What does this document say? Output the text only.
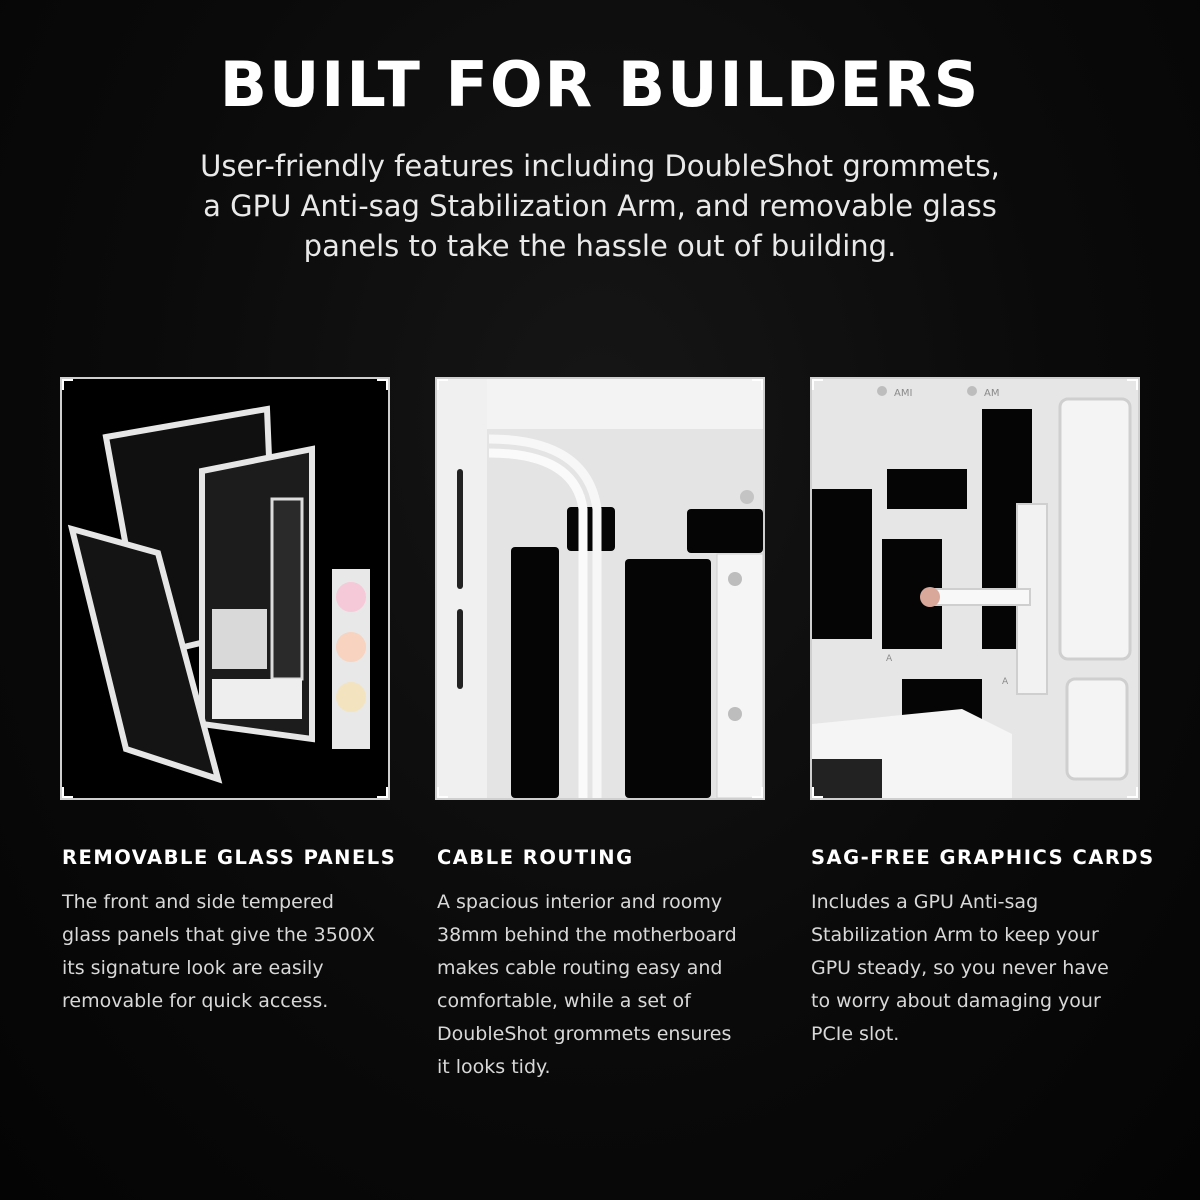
BUILT FOR BUILDERS

User-friendly features including DoubleShot grommets,
a GPU Anti-sag Stabilization Arm, and removable glass
panels to take the hassle out of building.

AMI	AM
A
A
REMOVABLE GLASS PANELS

The front and side tempered
glass panels that give the 3500X
its signature look are easily
removable for quick access.

CABLE ROUTING

A spacious interior and roomy
38mm behind the motherboard
makes cable routing easy and
comfortable, while a set of
DoubleShot grommets ensures
it looks tidy.

SAG-FREE GRAPHICS CARDS

Includes a GPU Anti-sag
Stabilization Arm to keep your
GPU steady, so you never have
to worry about damaging your
PCIe slot.
